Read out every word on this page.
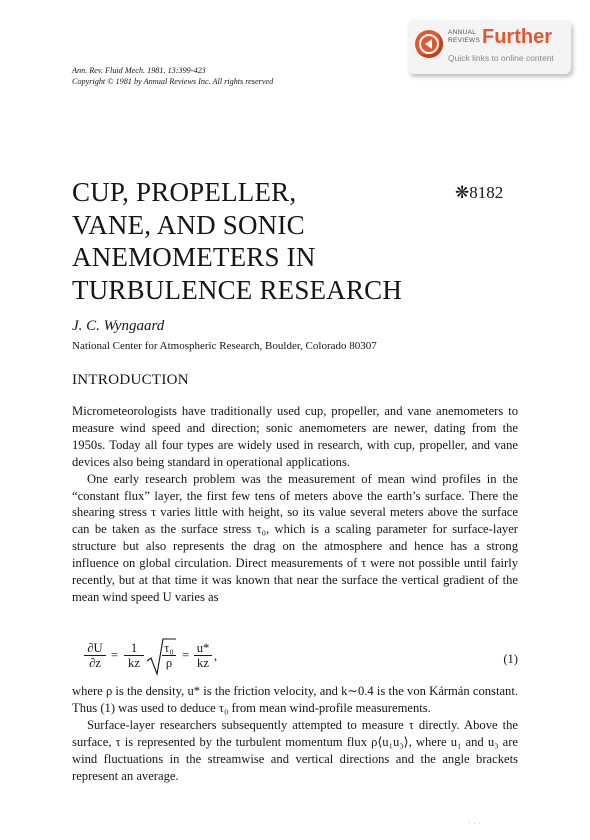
ANNUAL
REVIEWS Further
Quick links to online content
Ann. Rev. Fluid Mech. 1981. 13:399-423
Copyright © 1981 by Annual Reviews Inc. All rights reserved
CUP, PROPELLER,
VANE, AND SONIC
ANEMOMETERS IN
TURBULENCE RESEARCH
❋8182
J. C. Wyngaard
National Center for Atmospheric Research, Boulder, Colorado 80307
INTRODUCTION

Micrometeorologists have traditionally used cup, propeller, and vane anemometers to measure wind speed and direction; sonic anemometers are newer, dating from the 1950s. Today all four types are widely used in research, with cup, propeller, and vane devices also being standard in operational applications.

One early research problem was the measurement of mean wind profiles in the “constant flux” layer, the first few tens of meters above the earth’s surface. There the shearing stress τ varies little with height, so its value several meters above the surface can be taken as the surface stress τ₀, which is a scaling parameter for surface-layer structure but also represents the drag on the atmosphere and hence has a strong influence on global circulation. Direct measurements of τ were not possible until fairly recently, but at that time it was known that near the surface the vertical gradient of the mean wind speed U varies as

$\frac{\partial U}{\partial z} = \frac{1}{kz} \frac{\text{τ₀}}{\rho} = \frac{u*}{kz}$ ,	(1)

where ρ is the density, u* is the friction velocity, and k∼0.4 is the von Kármán constant. Thus (1) was used to deduce τ₀ from mean wind-profile measurements.

Surface-layer researchers subsequently attempted to measure τ directly. Above the surface, τ is represented by the turbulent momentum flux ρ⟨u₁u₃⟩, where u₁ and u₃ are wind fluctuations in the streamwise and vertical directions and the angle brackets represent an average.

···
